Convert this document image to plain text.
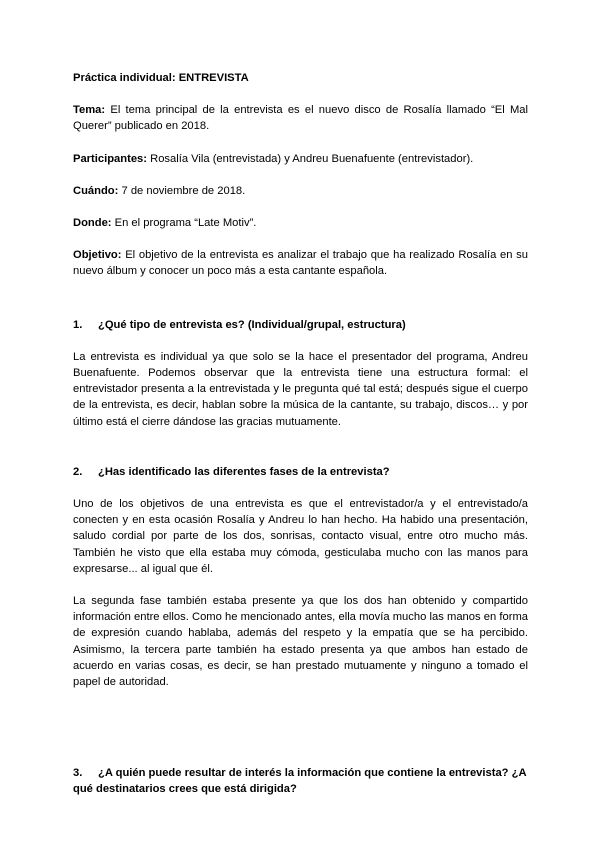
Práctica individual: ENTREVISTA

Tema: El tema principal de la entrevista es el nuevo disco de Rosalía llamado “El Mal Querer” publicado en 2018.

Participantes: Rosalía Vila (entrevistada) y Andreu Buenafuente (entrevistador).

Cuándo: 7 de noviembre de 2018.

Donde: En el programa “Late Motiv”.

Objetivo: El objetivo de la entrevista es analizar el trabajo que ha realizado Rosalía en su nuevo álbum y conocer un poco más a esta cantante española.

1. ¿Qué tipo de entrevista es? (Individual/grupal, estructura)

La entrevista es individual ya que solo se la hace el presentador del programa, Andreu Buenafuente. Podemos observar que la entrevista tiene una estructura formal: el entrevistador presenta a la entrevistada y le pregunta qué tal está; después sigue el cuerpo de la entrevista, es decir, hablan sobre la música de la cantante, su trabajo, discos… y por último está el cierre dándose las gracias mutuamente.

2. ¿Has identificado las diferentes fases de la entrevista?

Uno de los objetivos de una entrevista es que el entrevistador/a y el entrevistado/a conecten y en esta ocasión Rosalía y Andreu lo han hecho. Ha habido una presentación, saludo cordial por parte de los dos, sonrisas, contacto visual, entre otro mucho más. También he visto que ella estaba muy cómoda, gesticulaba mucho con las manos para expresarse... al igual que él.

La segunda fase también estaba presente ya que los dos han obtenido y compartido información entre ellos. Como he mencionado antes, ella movía mucho las manos en forma de expresión cuando hablaba, además del respeto y la empatía que se ha percibido. Asimismo, la tercera parte también ha estado presenta ya que ambos han estado de acuerdo en varias cosas, es decir, se han prestado mutuamente y ninguno a tomado el papel de autoridad.

3. ¿A quién puede resultar de interés la información que contiene la entrevista? ¿A qué destinatarios crees que está dirigida?
